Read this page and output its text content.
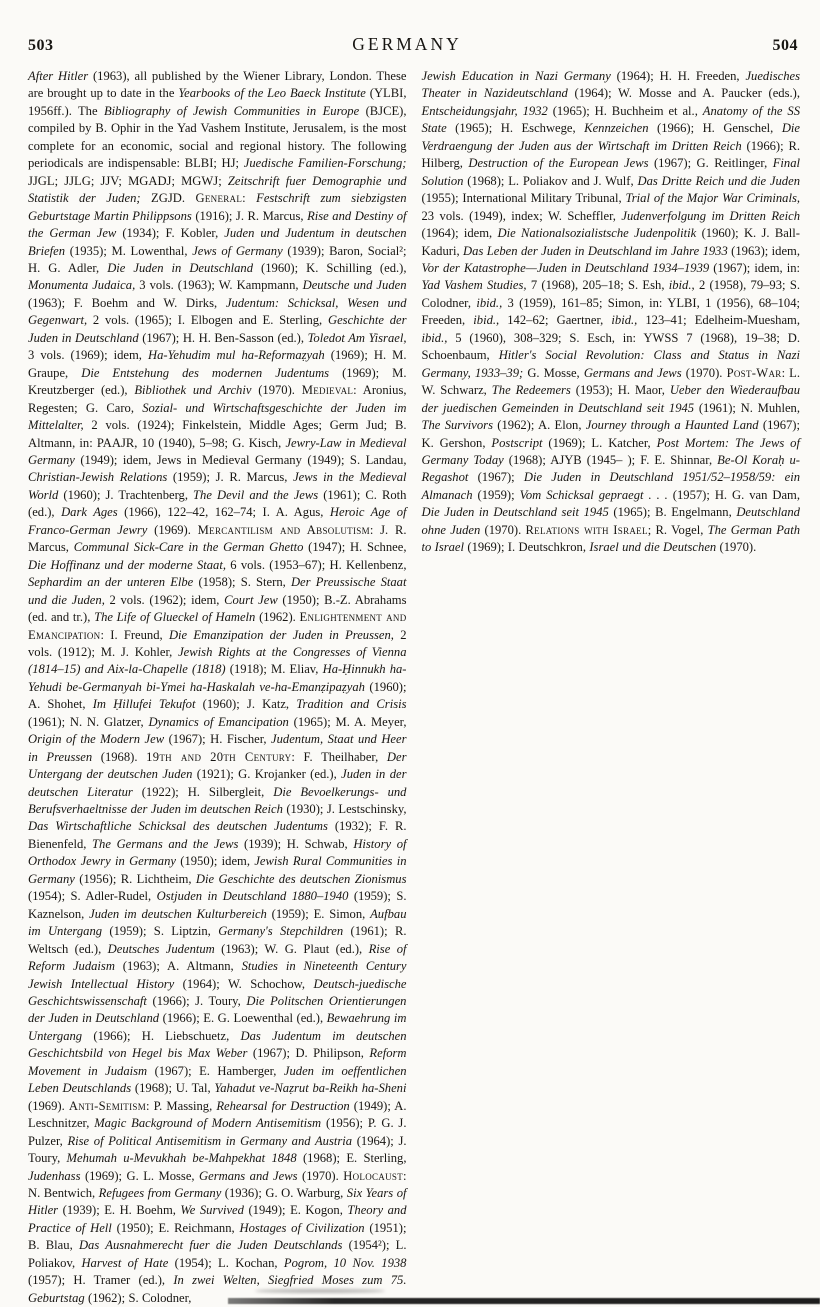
503	GERMANY	504
After Hitler (1963), all published by the Wiener Library, London. These are brought up to date in the Yearbooks of the Leo Baeck Institute (YLBI, 1956ff.). The Bibliography of Jewish Communities in Europe (BJCE), compiled by B. Ophir in the Yad Vashem Institute, Jerusalem, is the most complete for an economic, social and regional history. The following periodicals are indispensable: BLBI; HJ; Juedische Familien-Forschung; JJGL; JJLG; JJV; MGADJ; MGWJ; Zeitschrift fuer Demographie und Statistik der Juden; ZGJD. General: Festschrift zum siebzigsten Geburtstage Martin Philippsons (1916); J. R. Marcus, Rise and Destiny of the German Jew (1934); F. Kobler, Juden und Judentum in deutschen Briefen (1935); M. Lowenthal, Jews of Germany (1939); Baron, Social²; H. G. Adler, Die Juden in Deutschland (1960); K. Schilling (ed.), Monumenta Judaica, 3 vols. (1963); W. Kampmann, Deutsche und Juden (1963); F. Boehm and W. Dirks, Judentum: Schicksal, Wesen und Gegenwart, 2 vols. (1965); I. Elbogen and E. Sterling, Geschichte der Juden in Deutschland (1967); H. H. Ben-Sasson (ed.), Toledot Am Yisrael, 3 vols. (1969); idem, Ha-Yehudim mul ha-Reformaẓyah (1969); H. M. Graupe, Die Entstehung des modernen Judentums (1969); M. Kreutzberger (ed.), Bibliothek und Archiv (1970). Medieval: Aronius, Regesten; G. Caro, Sozial- und Wirtschaftsgeschichte der Juden im Mittelalter, 2 vols. (1924); Finkelstein, Middle Ages; Germ Jud; B. Altmann, in: PAAJR, 10 (1940), 5–98; G. Kisch, Jewry-Law in Medieval Germany (1949); idem, Jews in Medieval Germany (1949); S. Landau, Christian-Jewish Relations (1959); J. R. Marcus, Jews in the Medieval World (1960); J. Trachtenberg, The Devil and the Jews (1961); C. Roth (ed.), Dark Ages (1966), 122–42, 162–74; I. A. Agus, Heroic Age of Franco-German Jewry (1969). Mercantilism and Absolutism: J. R. Marcus, Communal Sick-Care in the German Ghetto (1947); H. Schnee, Die Hoffinanz und der moderne Staat, 6 vols. (1953–67); H. Kellenbenz, Sephardim an der unteren Elbe (1958); S. Stern, Der Preussische Staat und die Juden, 2 vols. (1962); idem, Court Jew (1950); B.-Z. Abrahams (ed. and tr.), The Life of Glueckel of Hameln (1962). Enlightenment and Emancipation: I. Freund, Die Emanzipation der Juden in Preussen, 2 vols. (1912); M. J. Kohler, Jewish Rights at the Congresses of Vienna (1814–15) and Aix-la-Chapelle (1818) (1918); M. Eliav, Ha-Ḥinnukh ha-Yehudi be-Germanyah bi-Ymei ha-Haskalah ve-ha-Emanẓipaẓyah (1960); A. Shohet, Im Ḥillufei Tekufot (1960); J. Katz, Tradition and Crisis (1961); N. N. Glatzer, Dynamics of Emancipation (1965); M. A. Meyer, Origin of the Modern Jew (1967); H. Fischer, Judentum, Staat und Heer in Preussen (1968). 19th and 20th Century: F. Theilhaber, Der Untergang der deutschen Juden (1921); G. Krojanker (ed.), Juden in der deutschen Literatur (1922); H. Silbergleit, Die Bevoelkerungs- und Berufsverhaeltnisse der Juden im deutschen Reich (1930); J. Lestschinsky, Das Wirtschaftliche Schicksal des deutschen Judentums (1932); F. R. Bienenfeld, The Germans and the Jews (1939); H. Schwab, History of Orthodox Jewry in Germany (1950); idem, Jewish Rural Communities in Germany (1956); R. Lichtheim, Die Geschichte des deutschen Zionismus (1954); S. Adler-Rudel, Ostjuden in Deutschland 1880–1940 (1959); S. Kaznelson, Juden im deutschen Kulturbereich (1959); E. Simon, Aufbau im Untergang (1959); S. Liptzin, Germany's Stepchildren (1961); R. Weltsch (ed.), Deutsches Judentum (1963); W. G. Plaut (ed.), Rise of Reform Judaism (1963); A. Altmann, Studies in Nineteenth Century Jewish Intellectual History (1964); W. Schochow, Deutsch-juedische Geschichtswissenschaft (1966); J. Toury, Die Politschen Orientierungen der Juden in Deutschland (1966); E. G. Loewenthal (ed.), Bewaehrung im Untergang (1966); H. Liebschuetz, Das Judentum im deutschen Geschichtsbild von Hegel bis Max Weber (1967); D. Philipson, Reform Movement in Judaism (1967); E. Hamberger, Juden im oeffentlichen Leben Deutschlands (1968); U. Tal, Yahadut ve-Naẓrut ba-Reikh ha-Sheni (1969). Anti-Semitism: P. Massing, Rehearsal for Destruction (1949); A. Leschnitzer, Magic Background of Modern Antisemitism (1956); P. G. J. Pulzer, Rise of Political Antisemitism in Germany and Austria (1964); J. Toury, Mehumah u-Mevukhah be-Mahpekhat 1848 (1968); E. Sterling, Judenhass (1969); G. L. Mosse, Germans and Jews (1970). Holocaust: N. Bentwich, Refugees from Germany (1936); G. O. Warburg, Six Years of Hitler (1939); E. H. Boehm, We Survived (1949); E. Kogon, Theory and Practice of Hell (1950); E. Reichmann, Hostages of Civilization (1951); B. Blau, Das Ausnahmerecht fuer die Juden Deutschlands (1954²); L. Poliakov, Harvest of Hate (1954); L. Kochan, Pogrom, 10 Nov. 1938 (1957); H. Tramer (ed.), In zwei Welten, Siegfried Moses zum 75. Geburtstag (1962); S. Colodner,
Jewish Education in Nazi Germany (1964); H. H. Freeden, Juedisches Theater in Nazideutschland (1964); W. Mosse and A. Paucker (eds.), Entscheidungsjahr, 1932 (1965); H. Buchheim et al., Anatomy of the SS State (1965); H. Eschwege, Kennzeichen (1966); H. Genschel, Die Verdraengung der Juden aus der Wirtschaft im Dritten Reich (1966); R. Hilberg, Destruction of the European Jews (1967); G. Reitlinger, Final Solution (1968); L. Poliakov and J. Wulf, Das Dritte Reich und die Juden (1955); International Military Tribunal, Trial of the Major War Criminals, 23 vols. (1949), index; W. Scheffler, Judenverfolgung im Dritten Reich (1964); idem, Die Nationalsozialistsche Judenpolitik (1960); K. J. Ball-Kaduri, Das Leben der Juden in Deutschland im Jahre 1933 (1963); idem, Vor der Katastrophe—Juden in Deutschland 1934–1939 (1967); idem, in: Yad Vashem Studies, 7 (1968), 205–18; S. Esh, ibid., 2 (1958), 79–93; S. Colodner, ibid., 3 (1959), 161–85; Simon, in: YLBI, 1 (1956), 68–104; Freeden, ibid., 142–62; Gaertner, ibid., 123–41; Edelheim-Muesham, ibid., 5 (1960), 308–329; S. Esch, in: YWSS 7 (1968), 19–38; D. Schoenbaum, Hitler's Social Revolution: Class and Status in Nazi Germany, 1933–39; G. Mosse, Germans and Jews (1970). Post-War: L. W. Schwarz, The Redeemers (1953); H. Maor, Ueber den Wiederaufbau der juedischen Gemeinden in Deutschland seit 1945 (1961); N. Muhlen, The Survivors (1962); A. Elon, Journey through a Haunted Land (1967); K. Gershon, Postscript (1969); L. Katcher, Post Mortem: The Jews of Germany Today (1968); AJYB (1945– ); F. E. Shinnar, Be-Ol Koraḥ u-Regashot (1967); Die Juden in Deutschland 1951/52–1958/59: ein Almanach (1959); Vom Schicksal gepraegt . . . (1957); H. G. van Dam, Die Juden in Deutschland seit 1945 (1965); B. Engelmann, Deutschland ohne Juden (1970). Relations with Israel; R. Vogel, The German Path to Israel (1969); I. Deutschkron, Israel und die Deutschen (1970).
